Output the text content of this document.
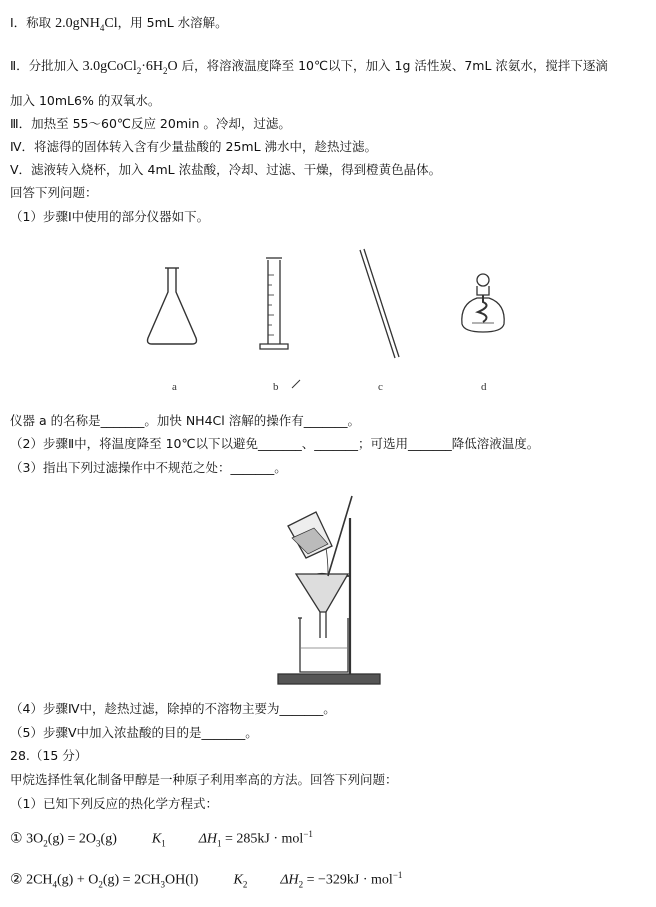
Ⅰ．称取 2.0gNH$_4$Cl，用 5mL 水溶解。
Ⅱ．分批加入 $3.0gCoCl_2\cdot 6H_2O$ 后，将溶液温度降至 10℃以下，加入 1g 活性炭、7mL 浓氨水，搅拌下逐滴
加入 10mL6% 的双氧水。
Ⅲ．加热至 55～60℃反应 20min 。冷却，过滤。
Ⅳ．将滤得的固体转入含有少量盐酸的 25mL 沸水中，趁热过滤。
Ⅴ．滤液转入烧杯，加入 4mL 浓盐酸，冷却、过滤、干燥，得到橙黄色晶体。
回答下列问题：
（1）步骤Ⅰ中使用的部分仪器如下。
a	b	c	d
仪器 a 的名称是_______。加快 NH4Cl 溶解的操作有_______。
（2）步骤Ⅱ中，将温度降至 10℃以下以避免_______、_______；可选用_______降低溶液温度。
（3）指出下列过滤操作中不规范之处：_______。
（4）步骤Ⅳ中，趁热过滤，除掉的不溶物主要为_______。
（5）步骤Ⅴ中加入浓盐酸的目的是_______。
28.（15 分）
甲烷选择性氧化制备甲醇是一种原子利用率高的方法。回答下列问题：
（1）已知下列反应的热化学方程式：
① $3O_2(g) = 2O_3(g)$  $K_1$ $\Delta H_1 = 285kJ \cdot mol^{-1}$
② $2CH_4(g) + O_2(g) = 2CH_3OH(l)$  $K_2$ $\Delta H_2 = -329kJ \cdot mol^{-1}$
